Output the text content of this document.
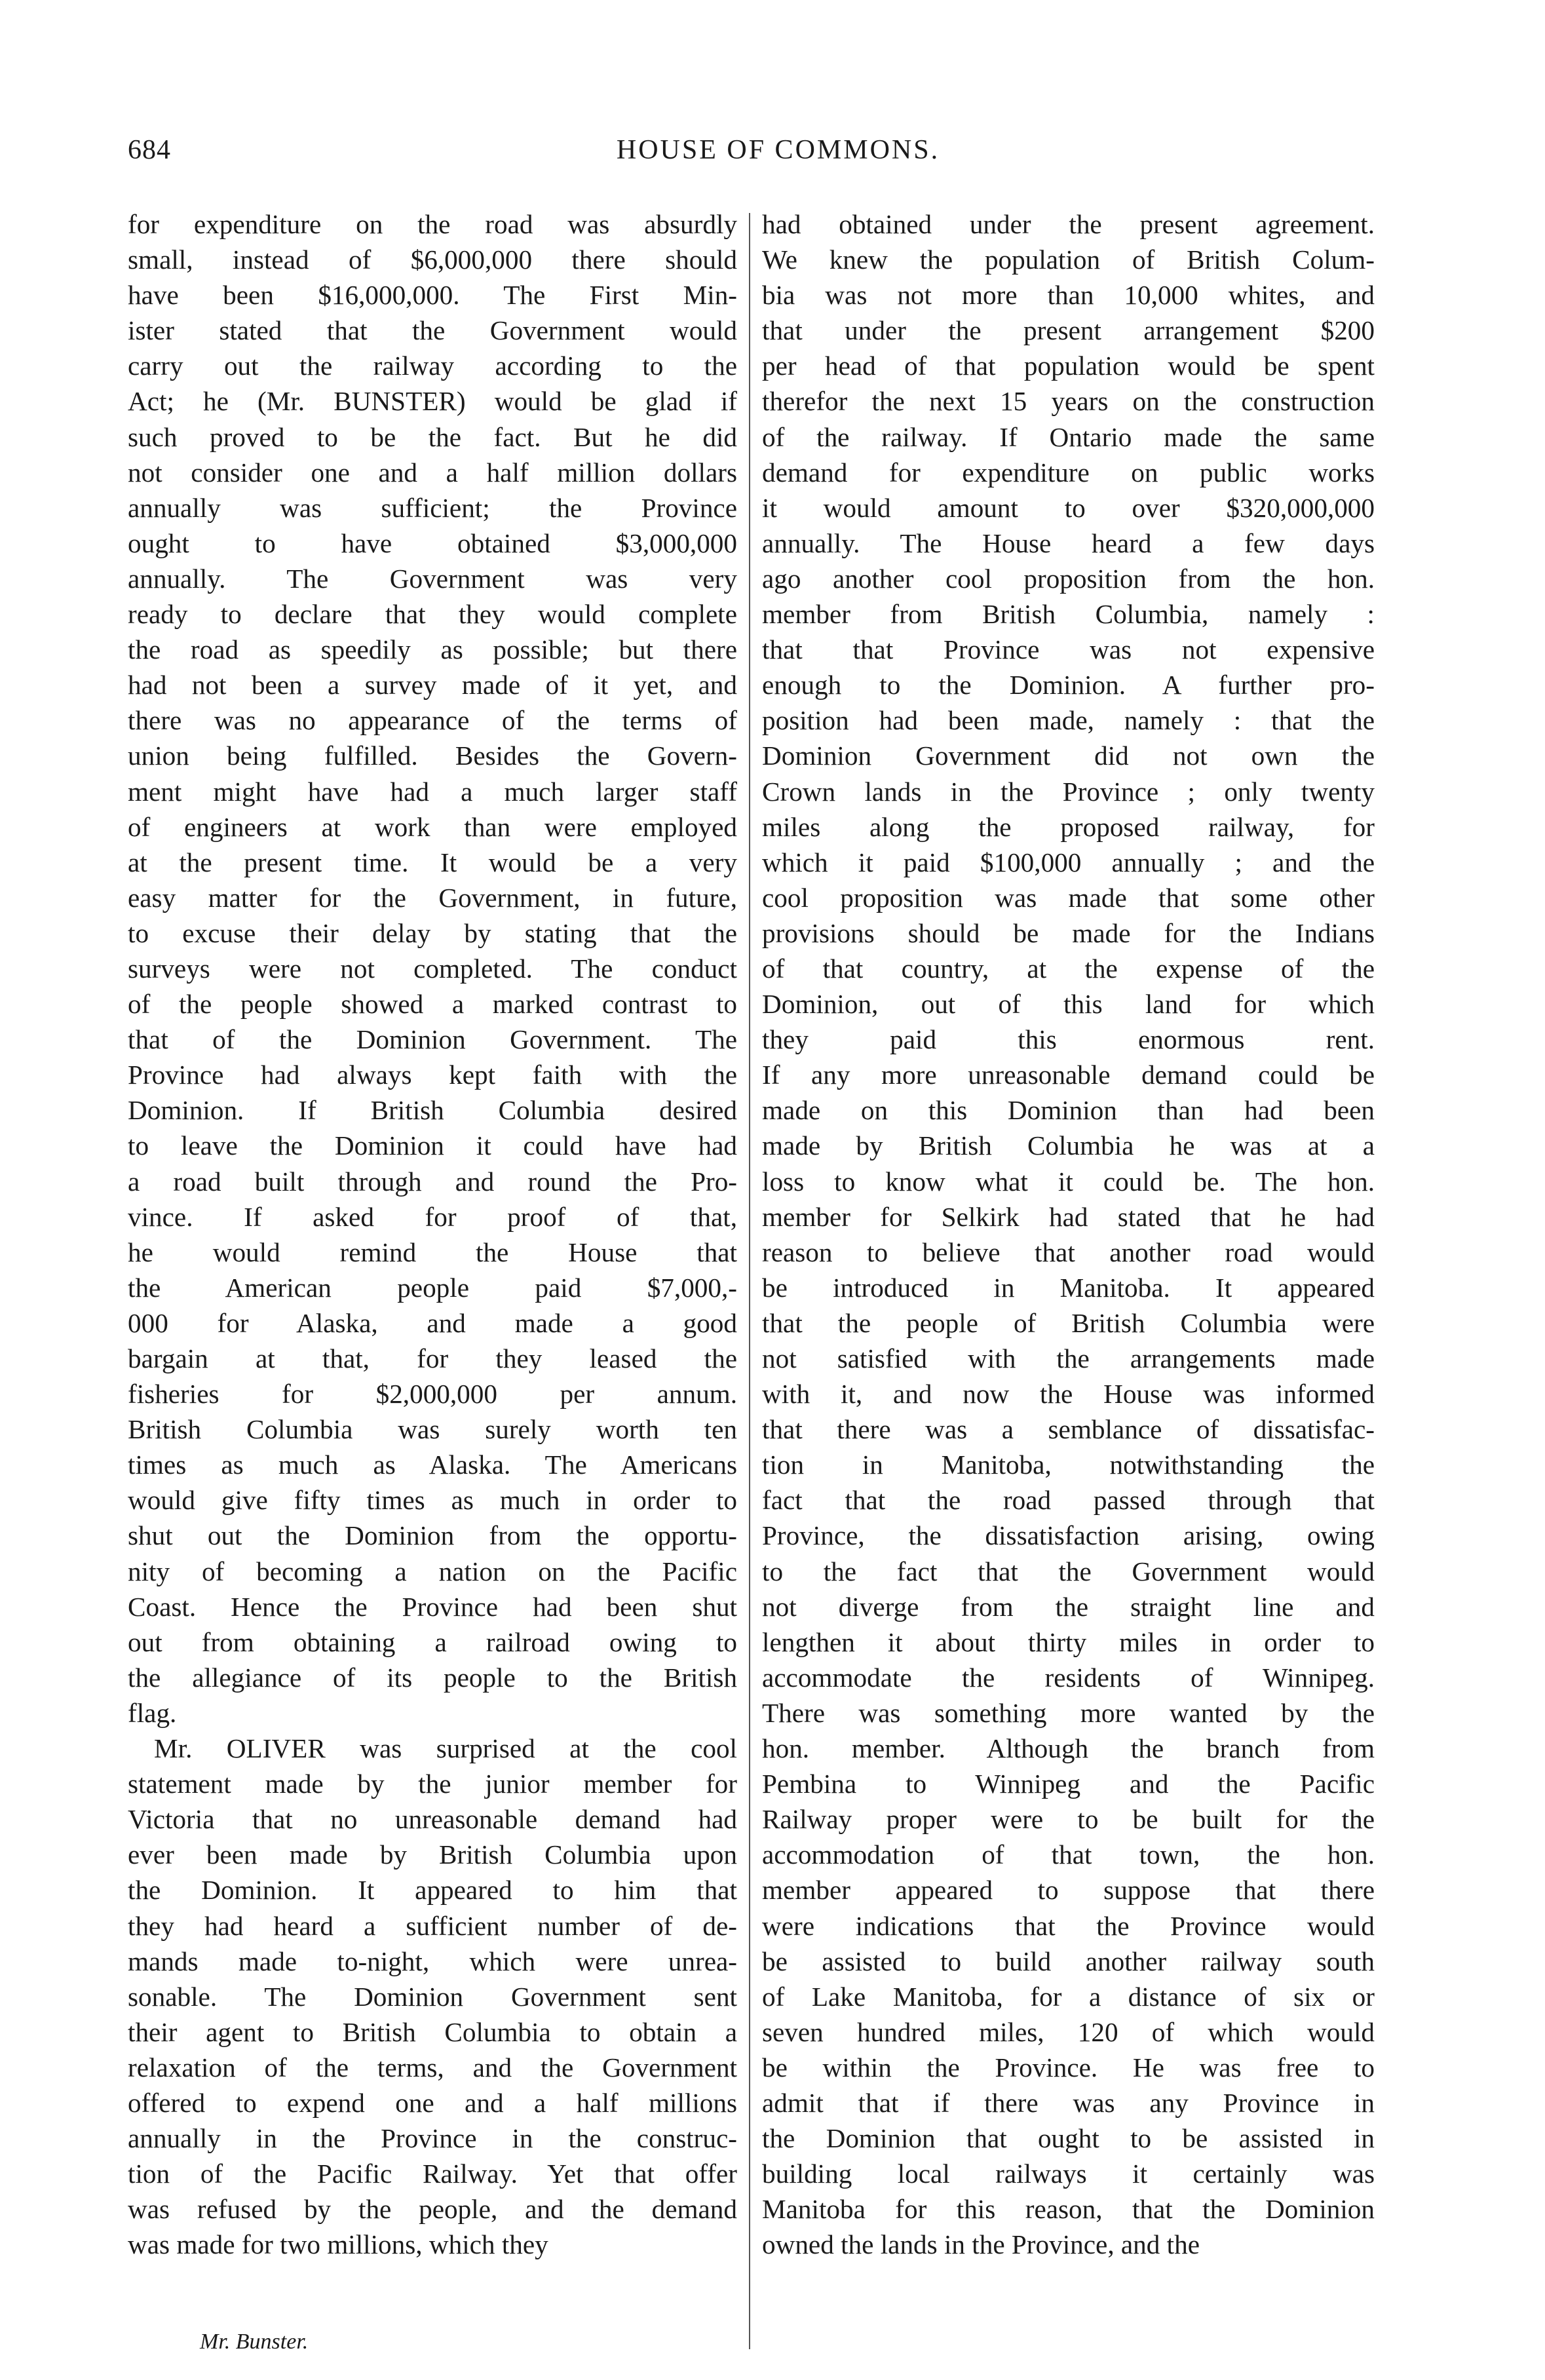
684	HOUSE OF COMMONS.
for expenditure on the road was absurdly
small, instead of $6,000,000 there should
have been $16,000,000. The First Min-
ister stated that the Government would
carry out the railway according to the
Act; he (Mr. BUNSTER) would be glad if
such proved to be the fact. But he did
not consider one and a half million dollars
annually was sufficient; the Province
ought to have obtained $3,000,000
annually. The Government was very
ready to declare that they would complete
the road as speedily as possible; but there
had not been a survey made of it yet, and
there was no appearance of the terms of
union being fulfilled. Besides the Govern-
ment might have had a much larger staff
of engineers at work than were employed
at the present time. It would be a very
easy matter for the Government, in future,
to excuse their delay by stating that the
surveys were not completed. The conduct
of the people showed a marked contrast to
that of the Dominion Government. The
Province had always kept faith with the
Dominion. If British Columbia desired
to leave the Dominion it could have had
a road built through and round the Pro-
vince. If asked for proof of that,
he would remind the House that
the American people paid $7,000,-
000 for Alaska, and made a good
bargain at that, for they leased the
fisheries for $2,000,000 per annum.
British Columbia was surely worth ten
times as much as Alaska. The Americans
would give fifty times as much in order to
shut out the Dominion from the opportu-
nity of becoming a nation on the Pacific
Coast. Hence the Province had been shut
out from obtaining a railroad owing to
the allegiance of its people to the British
flag.
Mr. OLIVER was surprised at the cool
statement made by the junior member for
Victoria that no unreasonable demand had
ever been made by British Columbia upon
the Dominion. It appeared to him that
they had heard a sufficient number of de-
mands made to-night, which were unrea-
sonable. The Dominion Government sent
their agent to British Columbia to obtain a
relaxation of the terms, and the Government
offered to expend one and a half millions
annually in the Province in the construc-
tion of the Pacific Railway. Yet that offer
was refused by the people, and the demand
was made for two millions, which they
had obtained under the present agreement.
We knew the population of British Colum-
bia was not more than 10,000 whites, and
that under the present arrangement $200
per head of that population would be spent
therefor the next 15 years on the construction
of the railway. If Ontario made the same
demand for expenditure on public works
it would amount to over $320,000,000
annually. The House heard a few days
ago another cool proposition from the hon.
member from British Columbia, namely :
that that Province was not expensive
enough to the Dominion. A further pro-
position had been made, namely : that the
Dominion Government did not own the
Crown lands in the Province ; only twenty
miles along the proposed railway, for
which it paid $100,000 annually ; and the
cool proposition was made that some other
provisions should be made for the Indians
of that country, at the expense of the
Dominion, out of this land for which
they paid this enormous rent.
If any more unreasonable demand could be
made on this Dominion than had been
made by British Columbia he was at a
loss to know what it could be. The hon.
member for Selkirk had stated that he had
reason to believe that another road would
be introduced in Manitoba. It appeared
that the people of British Columbia were
not satisfied with the arrangements made
with it, and now the House was informed
that there was a semblance of dissatisfac-
tion in Manitoba, notwithstanding the
fact that the road passed through that
Province, the dissatisfaction arising, owing
to the fact that the Government would
not diverge from the straight line and
lengthen it about thirty miles in order to
accommodate the residents of Winnipeg.
There was something more wanted by the
hon. member. Although the branch from
Pembina to Winnipeg and the Pacific
Railway proper were to be built for the
accommodation of that town, the hon.
member appeared to suppose that there
were indications that the Province would
be assisted to build another railway south
of Lake Manitoba, for a distance of six or
seven hundred miles, 120 of which would
be within the Province. He was free to
admit that if there was any Province in
the Dominion that ought to be assisted in
building local railways it certainly was
Manitoba for this reason, that the Dominion
owned the lands in the Province, and the
Mr. Bunster.
